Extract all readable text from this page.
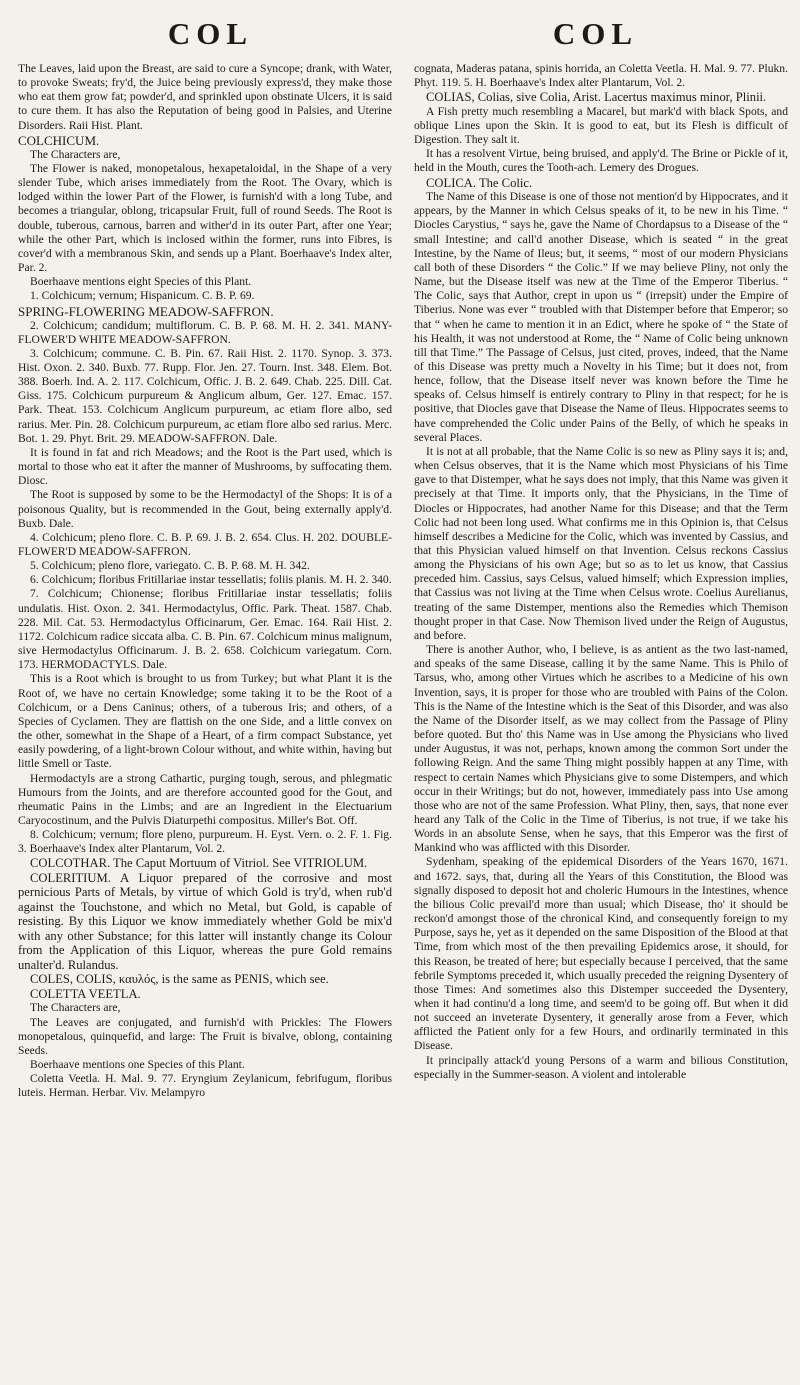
COL	COL

The Leaves, laid upon the Breast, are said to cure a Syncope; drank, with Water, to provoke Sweats; fry'd, the Juice being previously express'd, they make those who eat them grow fat; powder'd, and sprinkled upon obstinate Ulcers, it is said to cure them. It has also the Reputation of being good in Palsies, and Uterine Disorders. Raii Hist. Plant.

COLCHICUM.

The Characters are,

The Flower is naked, monopetalous, hexapetaloidal, in the Shape of a very slender Tube, which arises immediately from the Root. The Ovary, which is lodged within the lower Part of the Flower, is furnish'd with a long Tube, and becomes a triangular, oblong, tricapsular Fruit, full of round Seeds. The Root is double, tuberous, carnous, barren and wither'd in its outer Part, after one Year; while the other Part, which is inclosed within the former, runs into Fibres, is cover'd with a membranous Skin, and sends up a Plant. Boerhaave's Index alter, Par. 2.

Boerhaave mentions eight Species of this Plant.

1. Colchicum; vernum; Hispanicum. C. B. P. 69.

SPRING-FLOWERING MEADOW-SAFFRON.

2. Colchicum; candidum; multiflorum. C. B. P. 68. M. H. 2. 341. MANY-FLOWER'D WHITE MEADOW-SAFFRON.

3. Colchicum; commune. C. B. Pin. 67. Raii Hist. 2. 1170. Synop. 3. 373. Hist. Oxon. 2. 340. Buxb. 77. Rupp. Flor. Jen. 27. Tourn. Inst. 348. Elem. Bot. 388. Boerh. Ind. A. 2. 117. Colchicum, Offic. J. B. 2. 649. Chab. 225. Dill. Cat. Giss. 175. Colchicum purpureum & Anglicum album, Ger. 127. Emac. 157. Park. Theat. 153. Colchicum Anglicum purpureum, ac etiam flore albo, sed rarius. Mer. Pin. 28. Colchicum purpureum, ac etiam flore albo sed rarius. Merc. Bot. 1. 29. Phyt. Brit. 29. MEADOW-SAFFRON. Dale.

It is found in fat and rich Meadows; and the Root is the Part used, which is mortal to those who eat it after the manner of Mushrooms, by suffocating them. Diosc.

The Root is supposed by some to be the Hermodactyl of the Shops: It is of a poisonous Quality, but is recommended in the Gout, being externally apply'd. Buxb. Dale.

4. Colchicum; pleno flore. C. B. P. 69. J. B. 2. 654. Clus. H. 202. DOUBLE-FLOWER'D MEADOW-SAFFRON.

5. Colchicum; pleno flore, variegato. C. B. P. 68. M. H. 342.

6. Colchicum; floribus Fritillariae instar tessellatis; foliis planis. M. H. 2. 340.

7. Colchicum; Chionense; floribus Fritillariae instar tessellatis; foliis undulatis. Hist. Oxon. 2. 341. Hermodactylus, Offic. Park. Theat. 1587. Chab. 228. Mil. Cat. 53. Hermodactylus Officinarum, Ger. Emac. 164. Raii Hist. 2. 1172. Colchicum radice siccata alba. C. B. Pin. 67. Colchicum minus malignum, sive Hermodactylus Officinarum. J. B. 2. 658. Colchicum variegatum. Corn. 173. HERMODACTYLS. Dale.

This is a Root which is brought to us from Turkey; but what Plant it is the Root of, we have no certain Knowledge; some taking it to be the Root of a Colchicum, or a Dens Caninus; others, of a tuberous Iris; and others, of a Species of Cyclamen. They are flattish on the one Side, and a little convex on the other, somewhat in the Shape of a Heart, of a firm compact Substance, yet easily powdering, of a light-brown Colour without, and white within, having but little Smell or Taste.

Hermodactyls are a strong Cathartic, purging tough, serous, and phlegmatic Humours from the Joints, and are therefore accounted good for the Gout, and rheumatic Pains in the Limbs; and are an Ingredient in the Electuarium Caryocostinum, and the Pulvis Diaturpethi compositus. Miller's Bot. Off.

8. Colchicum; vernum; flore pleno, purpureum. H. Eyst. Vern. o. 2. F. 1. Fig. 3. Boerhaave's Index alter Plantarum, Vol. 2.

COLCOTHAR. The Caput Mortuum of Vitriol. See VITRIOLUM.

COLERITIUM. A Liquor prepared of the corrosive and most pernicious Parts of Metals, by virtue of which Gold is try'd, when rub'd against the Touchstone, and which no Metal, but Gold, is capable of resisting. By this Liquor we know immediately whether Gold be mix'd with any other Substance; for this latter will instantly change its Colour from the Application of this Liquor, whereas the pure Gold remains unalter'd. Rulandus.

COLES, COLIS, καυλός, is the same as PENIS, which see.

COLETTA VEETLA.

The Characters are,

The Leaves are conjugated, and furnish'd with Prickles: The Flowers monopetalous, quinquefid, and large: The Fruit is bivalve, oblong, containing Seeds.

Boerhaave mentions one Species of this Plant.

Coletta Veetla. H. Mal. 9. 77. Eryngium Zeylanicum, febrifugum, floribus luteis. Herman. Herbar. Viv. Melampyro

cognata, Maderas patana, spinis horrida, an Coletta Veetla. H. Mal. 9. 77. Plukn. Phyt. 119. 5. H. Boerhaave's Index alter Plantarum, Vol. 2.

COLIAS, Colias, sive Colia, Arist. Lacertus maximus minor, Plinii.

A Fish pretty much resembling a Macarel, but mark'd with black Spots, and oblique Lines upon the Skin. It is good to eat, but its Flesh is difficult of Digestion. They salt it.

It has a resolvent Virtue, being bruised, and apply'd. The Brine or Pickle of it, held in the Mouth, cures the Tooth-ach. Lemery des Drogues.

COLICA. The Colic.

The Name of this Disease is one of those not mention'd by Hippocrates, and it appears, by the Manner in which Celsus speaks of it, to be new in his Time. “ Diocles Carystius, “ says he, gave the Name of Chordapsus to a Disease of the “ small Intestine; and call'd another Disease, which is seated “ in the great Intestine, by the Name of Ileus; but, it seems, “ most of our modern Physicians call both of these Disorders “ the Colic.” If we may believe Pliny, not only the Name, but the Disease itself was new at the Time of the Emperor Tiberius. “ The Colic, says that Author, crept in upon us “ (irrepsit) under the Empire of Tiberius. None was ever “ troubled with that Distemper before that Emperor; so that “ when he came to mention it in an Edict, where he spoke of “ the State of his Health, it was not understood at Rome, the “ Name of Colic being unknown till that Time.” The Passage of Celsus, just cited, proves, indeed, that the Name of this Disease was pretty much a Novelty in his Time; but it does not, from hence, follow, that the Disease itself never was known before the Time he speaks of. Celsus himself is entirely contrary to Pliny in that respect; for he is positive, that Diocles gave that Disease the Name of Ileus. Hippocrates seems to have comprehended the Colic under Pains of the Belly, of which he speaks in several Places.

It is not at all probable, that the Name Colic is so new as Pliny says it is; and, when Celsus observes, that it is the Name which most Physicians of his Time gave to that Distemper, what he says does not imply, that this Name was given it precisely at that Time. It imports only, that the Physicians, in the Time of Diocles or Hippocrates, had another Name for this Disease; and that the Term Colic had not been long used. What confirms me in this Opinion is, that Celsus himself describes a Medicine for the Colic, which was invented by Cassius, and that this Physician valued himself on that Invention. Celsus reckons Cassius among the Physicians of his own Age; but so as to let us know, that Cassius preceded him. Cassius, says Celsus, valued himself; which Expression implies, that Cassius was not living at the Time when Celsus wrote. Coelius Aurelianus, treating of the same Distemper, mentions also the Remedies which Themison thought proper in that Case. Now Themison lived under the Reign of Augustus, and before.

There is another Author, who, I believe, is as antient as the two last-named, and speaks of the same Disease, calling it by the same Name. This is Philo of Tarsus, who, among other Virtues which he ascribes to a Medicine of his own Invention, says, it is proper for those who are troubled with Pains of the Colon. This is the Name of the Intestine which is the Seat of this Disorder, and was also the Name of the Disorder itself, as we may collect from the Passage of Pliny before quoted. But tho' this Name was in Use among the Physicians who lived under Augustus, it was not, perhaps, known among the common Sort under the following Reign. And the same Thing might possibly happen at any Time, with respect to certain Names which Physicians give to some Distempers, and which occur in their Writings; but do not, however, immediately pass into Use among those who are not of the same Profession. What Pliny, then, says, that none ever heard any Talk of the Colic in the Time of Tiberius, is not true, if we take his Words in an absolute Sense, when he says, that this Emperor was the first of Mankind who was afflicted with this Disorder.

Sydenham, speaking of the epidemical Disorders of the Years 1670, 1671. and 1672. says, that, during all the Years of this Constitution, the Blood was signally disposed to deposit hot and choleric Humours in the Intestines, whence the bilious Colic prevail'd more than usual; which Disease, tho' it should be reckon'd amongst those of the chronical Kind, and consequently foreign to my Purpose, says he, yet as it depended on the same Disposition of the Blood at that Time, from which most of the then prevailing Epidemics arose, it should, for this Reason, be treated of here; but especially because I perceived, that the same febrile Symptoms preceded it, which usually preceded the reigning Dysentery of those Times: And sometimes also this Distemper succeeded the Dysentery, when it had continu'd a long time, and seem'd to be going off. But when it did not succeed an inveterate Dysentery, it generally arose from a Fever, which afflicted the Patient only for a few Hours, and ordinarily terminated in this Disease.

It principally attack'd young Persons of a warm and bilious Constitution, especially in the Summer-season. A violent and intolerable
